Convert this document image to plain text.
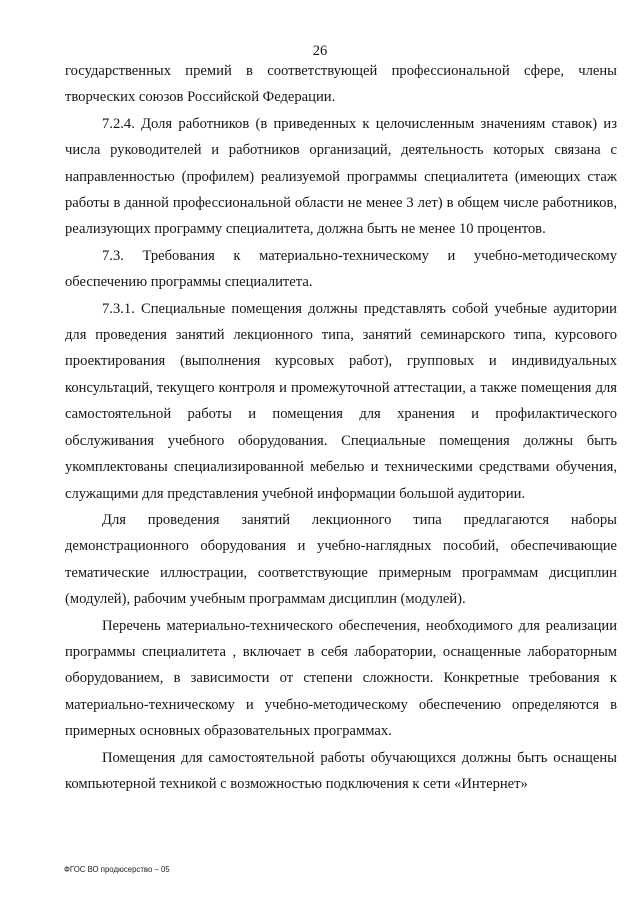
26

государственных премий в соответствующей профессиональной сфере, члены творческих союзов Российской Федерации.

7.2.4. Доля работников (в приведенных к целочисленным значениям ставок) из числа руководителей и работников организаций, деятельность которых связана с направленностью (профилем) реализуемой программы специалитета (имеющих стаж работы в данной профессиональной области не менее 3 лет) в общем числе работников, реализующих программу специалитета, должна быть не менее 10 процентов.

7.3. Требования к материально-техническому и учебно-методическому обеспечению программы специалитета.

7.3.1. Специальные помещения должны представлять собой учебные аудитории для проведения занятий лекционного типа, занятий семинарского типа, курсового проектирования (выполнения курсовых работ), групповых и индивидуальных консультаций, текущего контроля и промежуточной аттестации, а также помещения для самостоятельной работы и помещения для хранения и профилактического обслуживания учебного оборудования. Специальные помещения должны быть укомплектованы специализированной мебелью и техническими средствами обучения, служащими для представления учебной информации большой аудитории.

Для проведения занятий лекционного типа предлагаются наборы демонстрационного оборудования и учебно-наглядных пособий, обеспечивающие тематические иллюстрации, соответствующие примерным программам дисциплин (модулей), рабочим учебным программам дисциплин (модулей).

Перечень материально-технического обеспечения, необходимого для реализации программы специалитета , включает в себя лаборатории, оснащенные лабораторным оборудованием, в зависимости от степени сложности. Конкретные требования к материально-техническому и учебно-методическому обеспечению определяются в примерных основных образовательных программах.

Помещения для самостоятельной работы обучающихся должны быть оснащены компьютерной техникой с возможностью подключения к сети «Интернет»

ФГОС ВО продюсерство – 05
